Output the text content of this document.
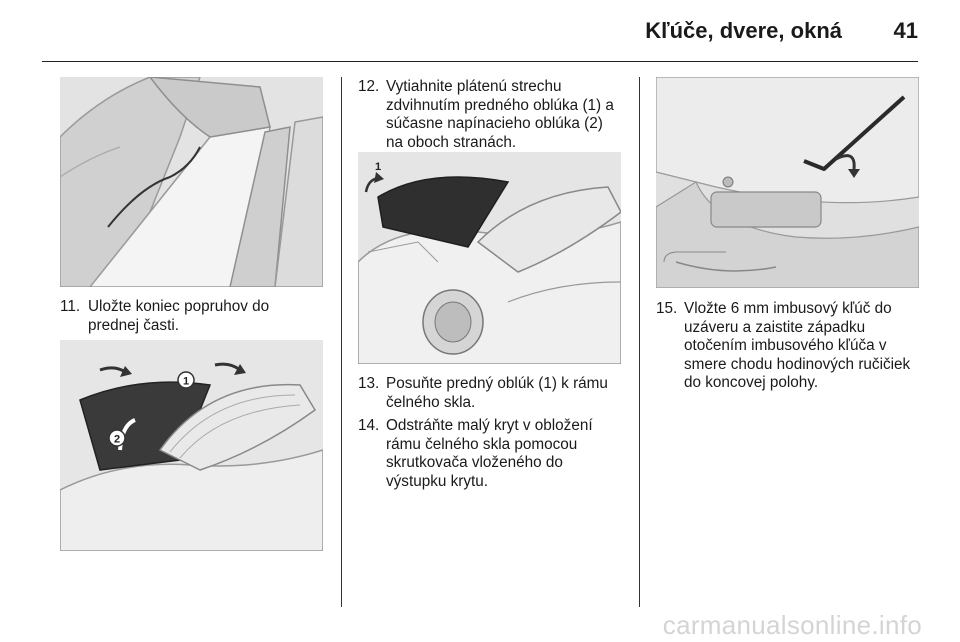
Kľúče, dvere, okná 41
11. Uložte koniec popruhov do
prednej časti.
1
2
12. Vytiahnite plátenú strechu
zdvihnutím predného oblúka (1) a
súčasne napínacieho oblúka (2)
na oboch stranách.
1
13. Posuňte predný oblúk (1) k rámu
čelného skla.
14. Odstráňte malý kryt v obložení
rámu čelného skla pomocou
skrutkovača vloženého do
výstupku krytu.
15. Vložte 6 mm imbusový kľúč do
uzáveru a zaistite západku
otočením imbusového kľúča v
smere chodu hodinových ručičiek
do koncovej polohy.
carmanualsonline.info
